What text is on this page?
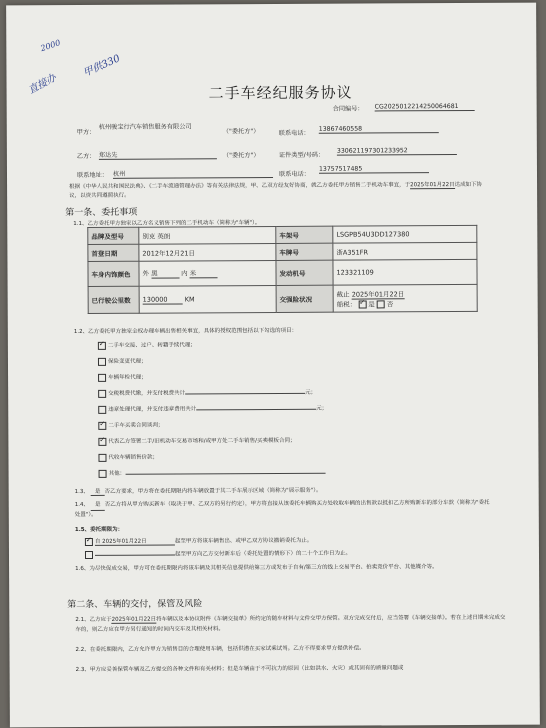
2000
直接办
甲供330
二手车经纪服务协议
合同编号： CG2025012214250064681
甲方：
杭州骏宝行汽车销售服务有限公司
（"委托方"）	联系电话：
13867460558
乙方： 郑达先	（"委托方"）	证件类型/号码：
330621197301233952
联系地址： 杭州	联系电话：
13757517485
根据《中华人民共和国民法典》、《二手车流通管理办法》等有关法律法规，甲、乙双方经友好协商，就乙方委托甲方销售二手机动车事宜，于2025年01月22日达成如下协议，以资共同遵照执行。
第一条、委托事项
1.1、乙方委托甲方独家以乙方名义销售下列的二手机动车（简称为"车辆"）。
品牌及型号	别克 英朗	车架号	LSGPB54U3DD127380
首登日期	2012年12月21日	车牌号	浙A351FR
车身内饰颜色	外 黑 内 米	发动机号	123321109
已行驶公里数	130000 KM	交强险状况	截止 2025年01月22日
船税： ✓ 是 否
1.2、乙方委托甲方独家全权办理车辆出售相关事宜，具体的授权范围包括以下勾选的项目：
✓二手车交接、过户、转籍手续代理；
保险变更代理；
车辆年检代理；
交税税费代缴，并支付税费共计	元；
违章处理代理，并支付违章费用共计	元；
✓二手车买卖合同谈判；
✓代表乙方签署二手/旧机动车交易市场和/或甲方处二手车销售/买卖模板合同；
代收车辆销售价款；
其他：
1.3、 是 否乙方要求，甲方将在委托期限内将车辆放置于其二手车展示区域（简称为"展示服务"）。
1.4、 是 否乙方将从甲方购买新车（取决于甲、乙双方的另行约定），甲方将直接从该委托车辆购买方处收取车辆的出售款以抵扣乙方所购新车的部分车款（简称为"委托处置"）。
1.5、委托期限为：
✓自 2025年01月22日	起至甲方将该车辆售出、或甲乙双方协议撤销委托为止。
起至甲方向乙方交付新车后（委托处置的情形下）的二十个工作日为止。
1.6、为尽快促成交易，甲方可在委托期限内将该车辆及其相关信息提供给第三方或发布于自有/第三方的线上交易平台、拍卖竞价平台、其他媒介等。
第二条、车辆的交付，保管及风险
2.1、乙方应于2025年01月22日将车辆以及本协议附件《车辆交接单》所约定的随车材料与文件交甲方保管。双方完成交付后，应当签署《车辆交接单》。若在上述日期未完成交车的，则乙方应在甲方另行通知的时间内交车及其相关材料。
2.2、在委托期限内，乙方允许甲方为销售目的合理使用车辆，包括供潜在买家试乘试驾。乙方不得要求甲方提供补偿。
2.3、甲方应妥善保管车辆及乙方提交的各种文件和有关材料；但是车辆由于不可抗力的原因（比如洪水、火灾）或其固有的质量问题或
